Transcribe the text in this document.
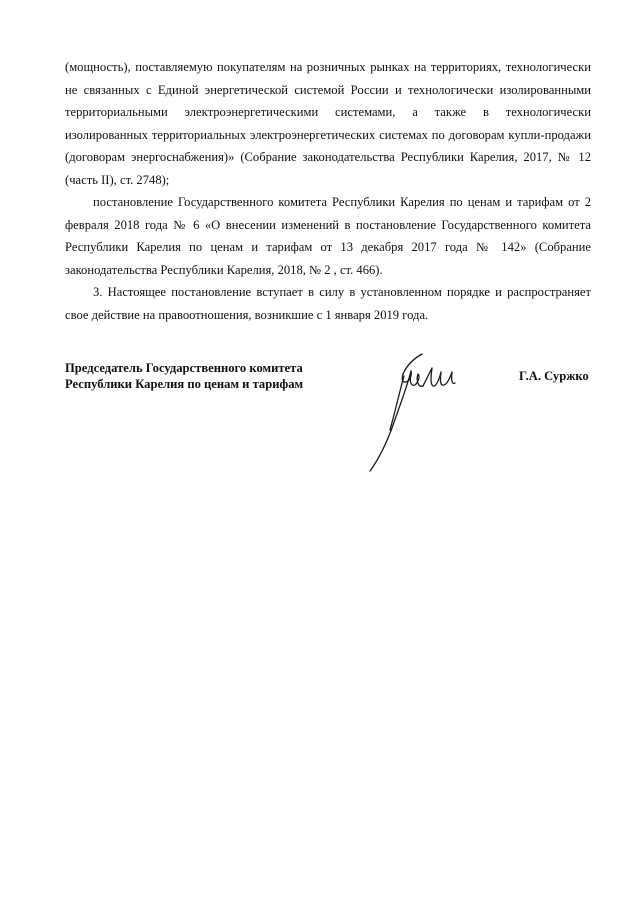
(мощность), поставляемую покупателям на розничных рынках на территориях, технологически не связанных с Единой энергетической системой России и технологически изолированными территориальными электроэнергетическими системами, а также в технологически изолированных территориальных электроэнергетических системах по договорам купли-продажи (договорам энергоснабжения)» (Собрание законодательства Республики Карелия, 2017, № 12 (часть II), ст. 2748);

постановление Государственного комитета Республики Карелия по ценам и тарифам от 2 февраля 2018 года № 6 «О внесении изменений в постановление Государственного комитета Республики Карелия по ценам и тарифам от 13 декабря 2017 года № 142» (Собрание законодательства Республики Карелия, 2018, № 2 , ст. 466).

3. Настоящее постановление вступает в силу в установленном порядке и распространяет свое действие на правоотношения, возникшие с 1 января 2019 года.

Председатель Государственного комитета
Республики Карелия по ценам и тарифам
Г.А. Суржко
